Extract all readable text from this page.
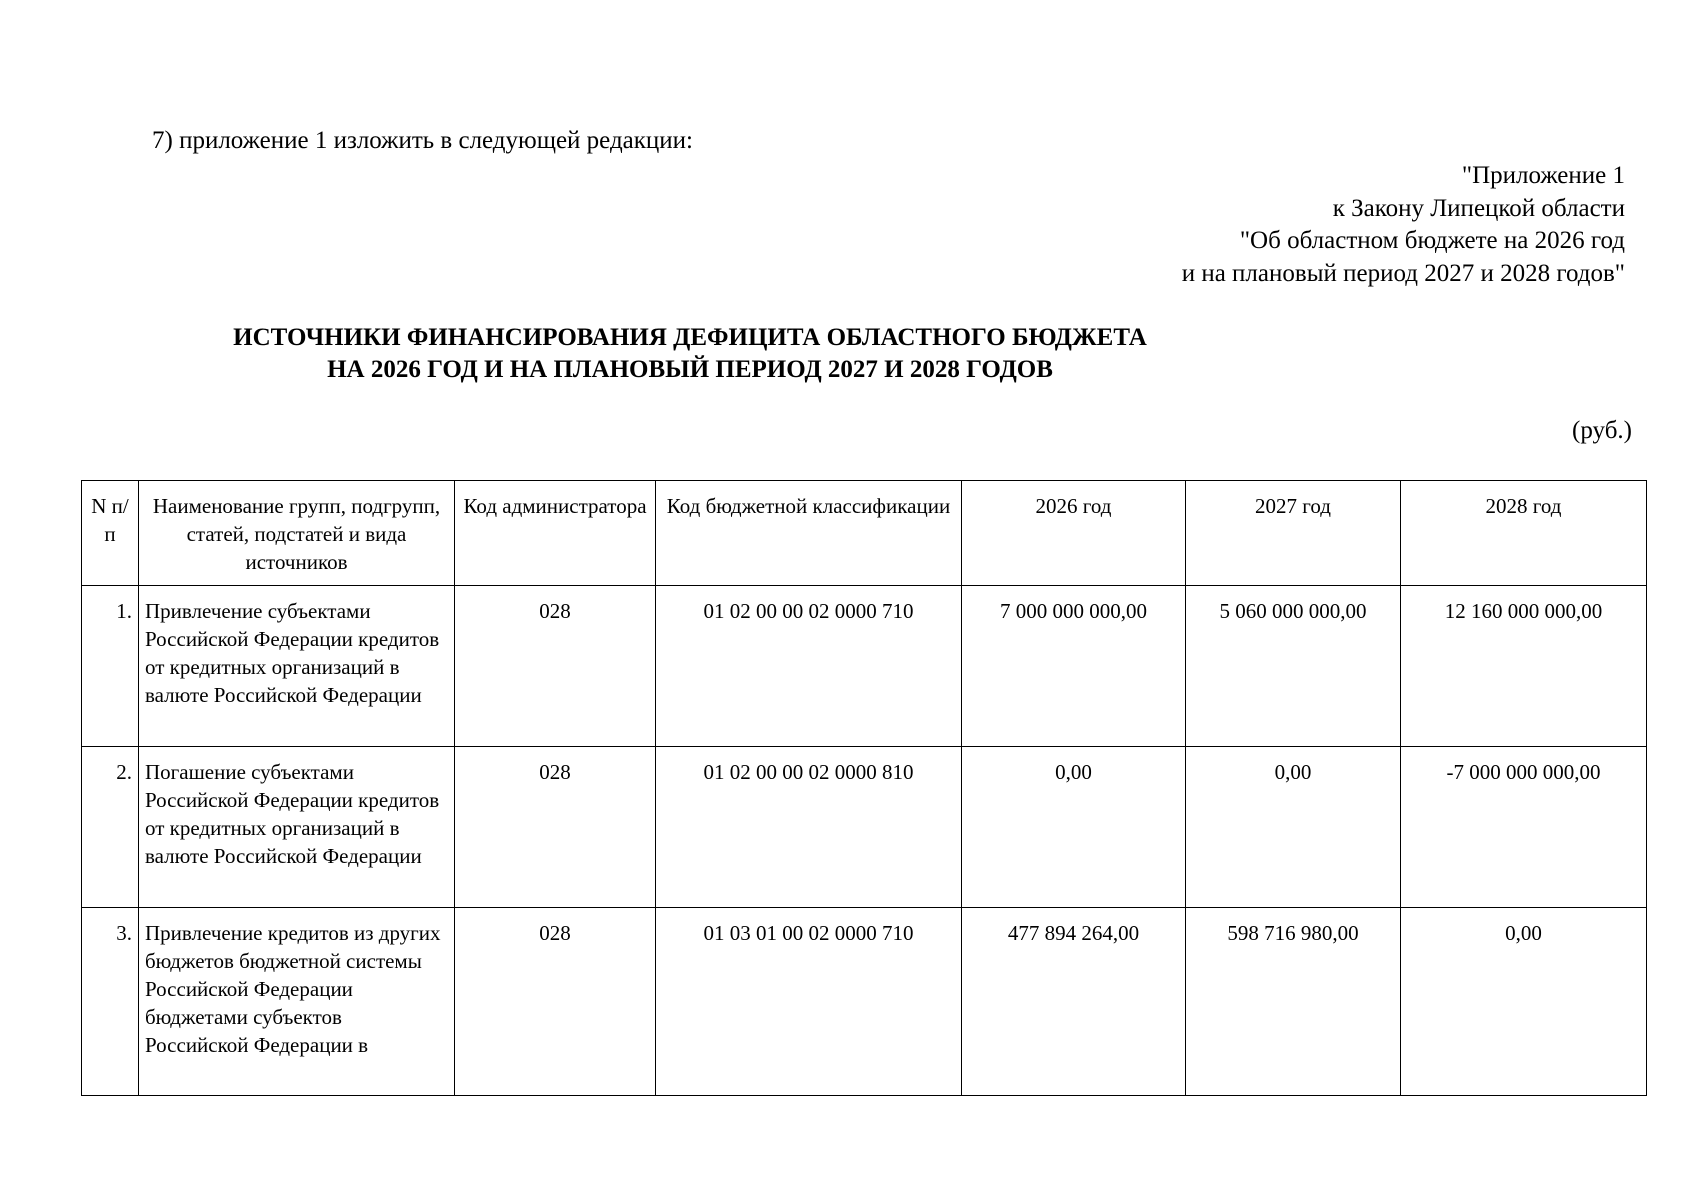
7) приложение 1 изложить в следующей редакции:
"Приложение 1
к Закону Липецкой области
"Об областном бюджете на 2026 год
и на плановый период 2027 и 2028 годов"
ИСТОЧНИКИ ФИНАНСИРОВАНИЯ ДЕФИЦИТА ОБЛАСТНОГО БЮДЖЕТА
НА 2026 ГОД И НА ПЛАНОВЫЙ ПЕРИОД 2027 И 2028 ГОДОВ
(руб.)
N п/п	Наименование групп, подгрупп, статей, подстатей и вида источников	Код администратора	Код бюджетной классификации	2026 год	2027 год	2028 год
1.	Привлечение субъектами Российской Федерации кредитов от кредитных организаций в валюте Российской Федерации	028	01 02 00 00 02 0000 710	7 000 000 000,00	5 060 000 000,00	12 160 000 000,00
2.	Погашение субъектами Российской Федерации кредитов от кредитных организаций в валюте Российской Федерации	028	01 02 00 00 02 0000 810	0,00	0,00	-7 000 000 000,00
3.	Привлечение кредитов из других бюджетов бюджетной системы Российской Федерации бюджетами субъектов Российской Федерации в	028	01 03 01 00 02 0000 710	477 894 264,00	598 716 980,00	0,00
